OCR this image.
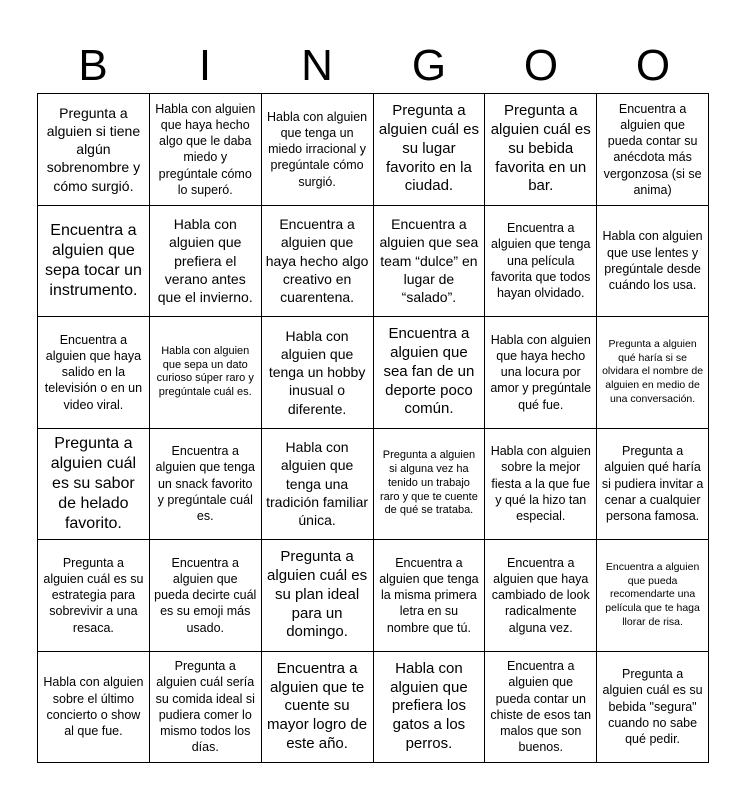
B	I	N	G	O	O
Pregunta a alguien si tiene algún sobrenombre y cómo surgió.
Habla con alguien que haya hecho algo que le daba miedo y pregúntale cómo lo superó.
Habla con alguien que tenga un miedo irracional y pregúntale cómo surgió.
Pregunta a alguien cuál es su lugar favorito en la ciudad.
Pregunta a alguien cuál es su bebida favorita en un bar.
Encuentra a alguien que pueda contar su anécdota más vergonzosa (si se anima)
Encuentra a alguien que sepa tocar un instrumento.
Habla con alguien que prefiera el verano antes que el invierno.
Encuentra a alguien que haya hecho algo creativo en cuarentena.
Encuentra a alguien que sea team “dulce” en lugar de “salado”.
Encuentra a alguien que tenga una película favorita que todos hayan olvidado.
Habla con alguien que use lentes y pregúntale desde cuándo los usa.
Encuentra a alguien que haya salido en la televisión o en un video viral.
Habla con alguien que sepa un dato curioso súper raro y pregúntale cuál es.
Habla con alguien que tenga un hobby inusual o diferente.
Encuentra a alguien que sea fan de un deporte poco común.
Habla con alguien que haya hecho una locura por amor y pregúntale qué fue.
Pregunta a alguien qué haría si se olvidara el nombre de alguien en medio de una conversación.
Pregunta a alguien cuál es su sabor de helado favorito.
Encuentra a alguien que tenga un snack favorito y pregúntale cuál es.
Habla con alguien que tenga una tradición familiar única.
Pregunta a alguien si alguna vez ha tenido un trabajo raro y que te cuente de qué se trataba.
Habla con alguien sobre la mejor fiesta a la que fue y qué la hizo tan especial.
Pregunta a alguien qué haría si pudiera invitar a cenar a cualquier persona famosa.
Pregunta a alguien cuál es su estrategia para sobrevivir a una resaca.
Encuentra a alguien que pueda decirte cuál es su emoji más usado.
Pregunta a alguien cuál es su plan ideal para un domingo.
Encuentra a alguien que tenga la misma primera letra en su nombre que tú.
Encuentra a alguien que haya cambiado de look radicalmente alguna vez.
Encuentra a alguien que pueda recomendarte una película que te haga llorar de risa.
Habla con alguien sobre el último concierto o show al que fue.
Pregunta a alguien cuál sería su comida ideal si pudiera comer lo mismo todos los días.
Encuentra a alguien que te cuente su mayor logro de este año.
Habla con alguien que prefiera los gatos a los perros.
Encuentra a alguien que pueda contar un chiste de esos tan malos que son buenos.
Pregunta a alguien cuál es su bebida "segura" cuando no sabe qué pedir.
